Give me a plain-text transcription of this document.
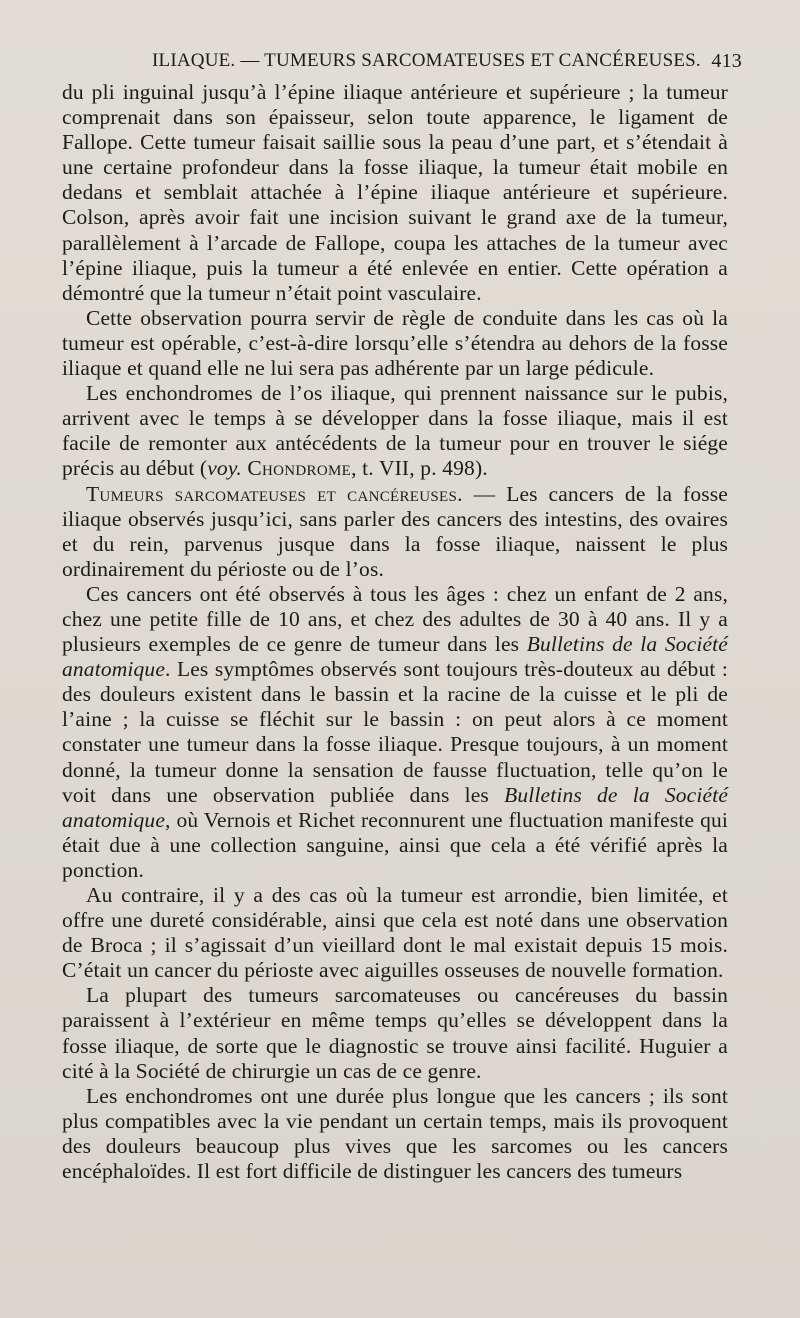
ILIAQUE. — TUMEURS SARCOMATEUSES ET CANCÉREUSES. 413

du pli inguinal jusqu’à l’épine iliaque antérieure et supérieure ; la tumeur comprenait dans son épaisseur, selon toute apparence, le ligament de Fallope. Cette tumeur faisait saillie sous la peau d’une part, et s’étendait à une certaine profondeur dans la fosse iliaque, la tumeur était mobile en dedans et semblait attachée à l’épine iliaque antérieure et supérieure. Colson, après avoir fait une incision suivant le grand axe de la tumeur, parallèlement à l’arcade de Fallope, coupa les attaches de la tumeur avec l’épine iliaque, puis la tumeur a été enlevée en entier. Cette opération a démontré que la tumeur n’était point vasculaire.

Cette observation pourra servir de règle de conduite dans les cas où la tumeur est opérable, c’est-à-dire lorsqu’elle s’étendra au dehors de la fosse iliaque et quand elle ne lui sera pas adhérente par un large pédicule.

Les enchondromes de l’os iliaque, qui prennent naissance sur le pubis, arrivent avec le temps à se développer dans la fosse iliaque, mais il est facile de remonter aux antécédents de la tumeur pour en trouver le siége précis au début (voy. Chondrome, t. VII, p. 498).

Tumeurs sarcomateuses et cancéreuses. — Les cancers de la fosse iliaque observés jusqu’ici, sans parler des cancers des intestins, des ovaires et du rein, parvenus jusque dans la fosse iliaque, naissent le plus ordinairement du périoste ou de l’os.

Ces cancers ont été observés à tous les âges : chez un enfant de 2 ans, chez une petite fille de 10 ans, et chez des adultes de 30 à 40 ans. Il y a plusieurs exemples de ce genre de tumeur dans les Bulletins de la Société anatomique. Les symptômes observés sont toujours très-douteux au début : des douleurs existent dans le bassin et la racine de la cuisse et le pli de l’aine ; la cuisse se fléchit sur le bassin : on peut alors à ce moment constater une tumeur dans la fosse iliaque. Presque toujours, à un moment donné, la tumeur donne la sensation de fausse fluctuation, telle qu’on le voit dans une observation publiée dans les Bulletins de la Société anatomique, où Vernois et Richet reconnurent une fluctuation manifeste qui était due à une collection sanguine, ainsi que cela a été vérifié après la ponction.

Au contraire, il y a des cas où la tumeur est arrondie, bien limitée, et offre une dureté considérable, ainsi que cela est noté dans une observation de Broca ; il s’agissait d’un vieillard dont le mal existait depuis 15 mois. C’était un cancer du périoste avec aiguilles osseuses de nouvelle formation.

La plupart des tumeurs sarcomateuses ou cancéreuses du bassin paraissent à l’extérieur en même temps qu’elles se développent dans la fosse iliaque, de sorte que le diagnostic se trouve ainsi facilité. Huguier a cité à la Société de chirurgie un cas de ce genre.

Les enchondromes ont une durée plus longue que les cancers ; ils sont plus compatibles avec la vie pendant un certain temps, mais ils provoquent des douleurs beaucoup plus vives que les sarcomes ou les cancers encéphaloïdes. Il est fort difficile de distinguer les cancers des tumeurs
